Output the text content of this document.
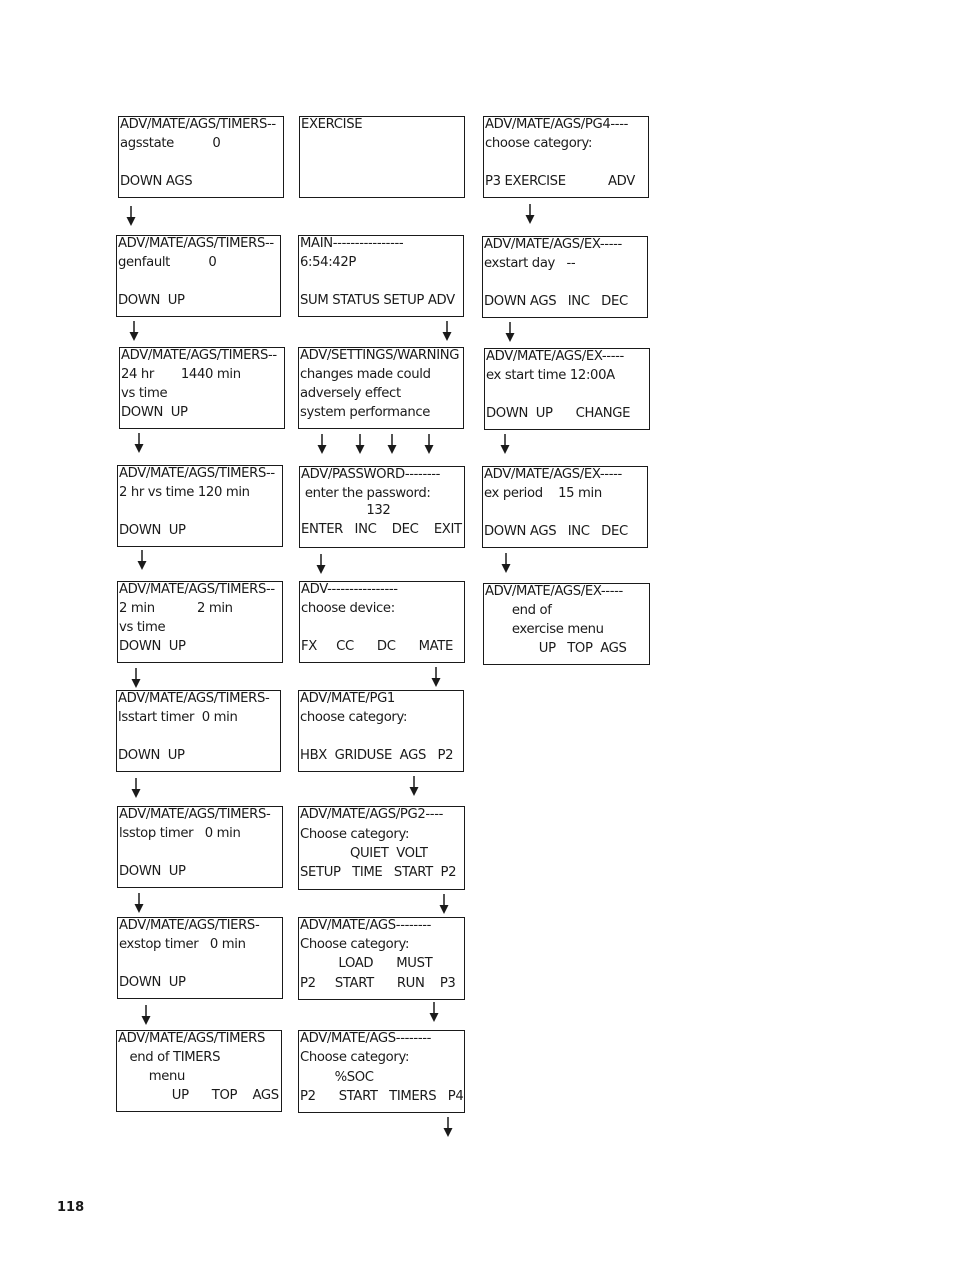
ADV/MATE/AGS/TIMERS--
agsstate          0
DOWN AGS
ADV/MATE/AGS/TIMERS--
genfault          0
DOWN  UP
ADV/MATE/AGS/TIMERS--
24 hr       1440 min
vs time
DOWN  UP
ADV/MATE/AGS/TIMERS--
2 hr vs time 120 min
DOWN  UP
ADV/MATE/AGS/TIMERS--
2 min           2 min
vs time
DOWN  UP
ADV/MATE/AGS/TIMERS-
lsstart timer  0 min
DOWN  UP
ADV/MATE/AGS/TIMERS-
lsstop timer   0 min
DOWN  UP
ADV/MATE/AGS/TIERS-
exstop timer   0 min
DOWN  UP
ADV/MATE/AGS/TIMERS
end of TIMERS
menu
UP      TOP    AGS
EXERCISE
MAIN----------------
6:54:42P
SUM STATUS SETUP ADV
ADV/SETTINGS/WARNING
changes made could
adversely effect
system performance
ADV/PASSWORD--------
enter the password:
132
ENTER   INC    DEC    EXIT
ADV----------------
choose device:
FX     CC      DC      MATE
ADV/MATE/PG1
choose category:
HBX  GRIDUSE  AGS   P2
ADV/MATE/AGS/PG2----
Choose category:
QUIET  VOLT
SETUP   TIME   START  P2
ADV/MATE/AGS--------
Choose category:
LOAD      MUST
P2     START      RUN    P3
ADV/MATE/AGS--------
Choose category:
%SOC
P2      START   TIMERS   P4
ADV/MATE/AGS/PG4----
choose category:
P3 EXERCISE           ADV
ADV/MATE/AGS/EX-----
exstart day   --
DOWN AGS   INC   DEC
ADV/MATE/AGS/EX-----
ex start time 12:00A
DOWN  UP      CHANGE
ADV/MATE/AGS/EX-----
ex period    15 min
DOWN AGS   INC   DEC
ADV/MATE/AGS/EX-----
end of
exercise menu
UP   TOP  AGS
118
